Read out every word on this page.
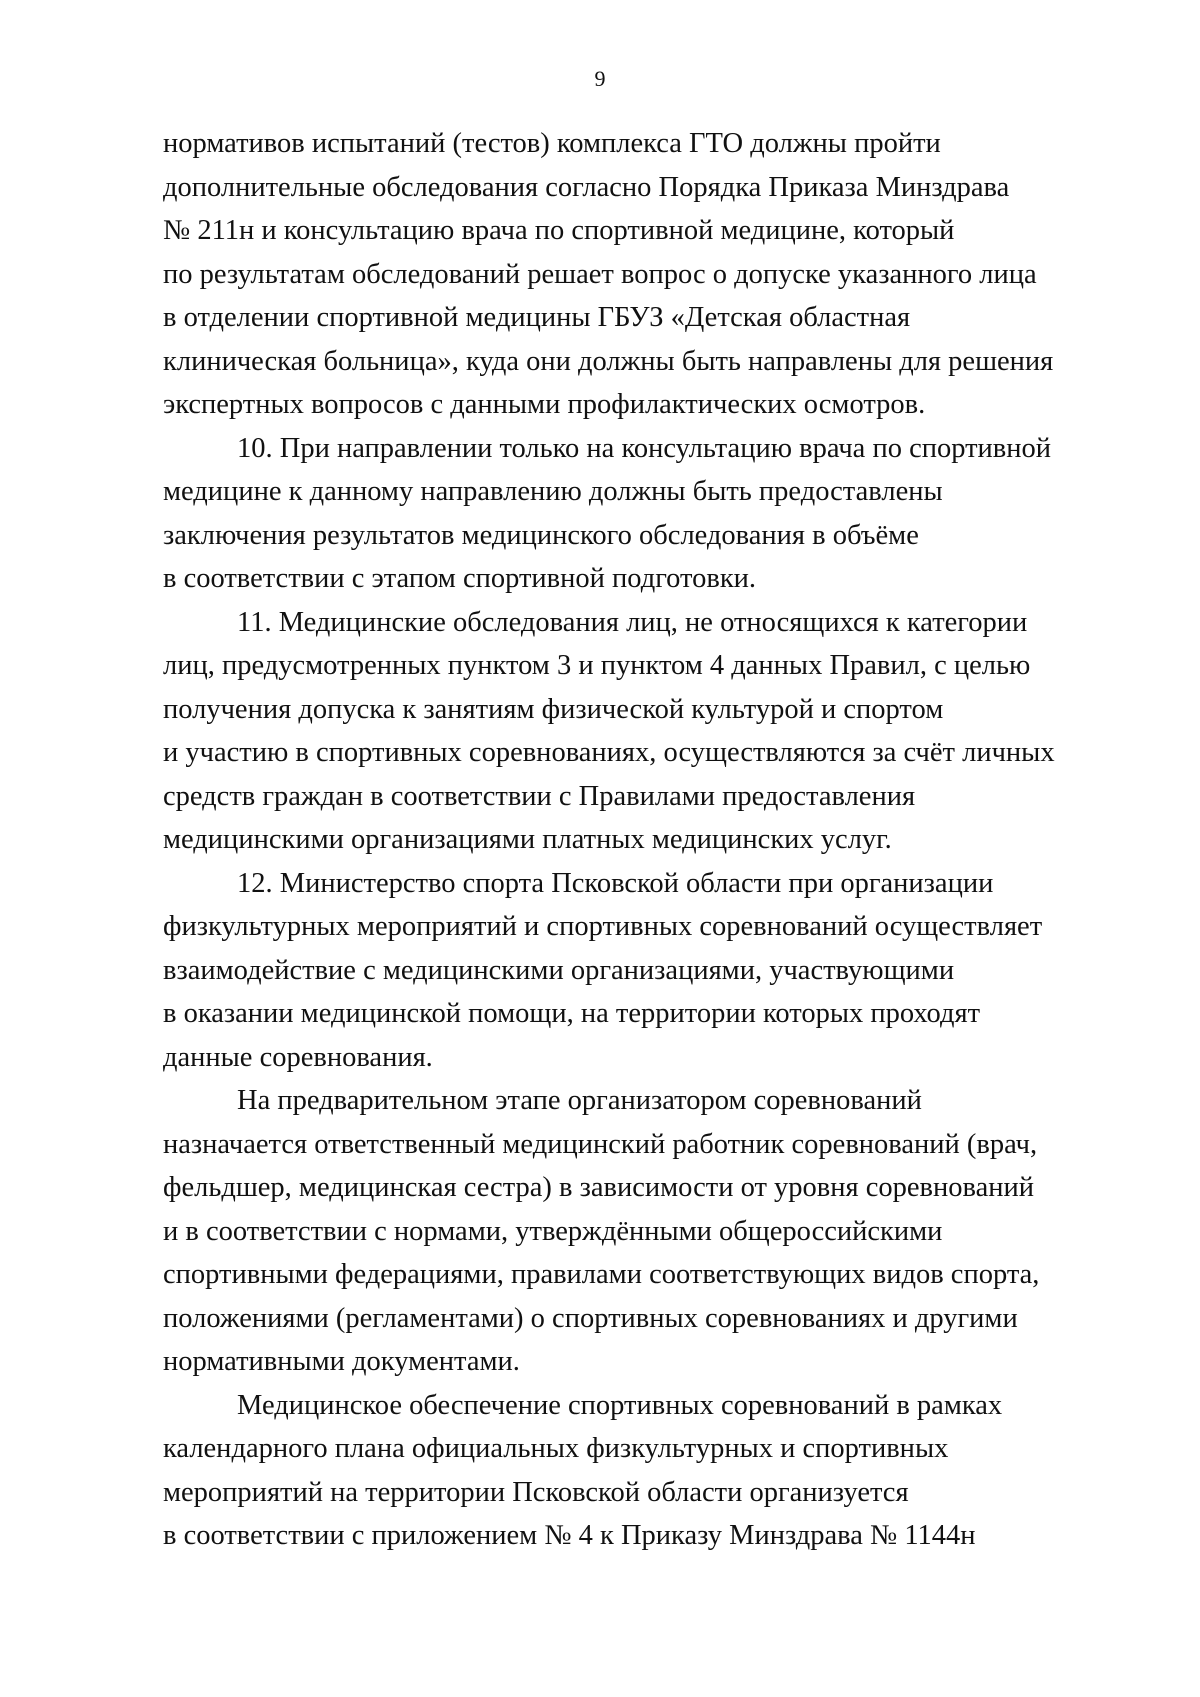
9

нормативов испытаний (тестов) комплекса ГТО должны пройти
дополнительные обследования согласно Порядка Приказа Минздрава
№ 211н и консультацию врача по спортивной медицине, который
по результатам обследований решает вопрос о допуске указанного лица
в отделении спортивной медицины ГБУЗ «Детская областная
клиническая больница», куда они должны быть направлены для решения
экспертных вопросов с данными профилактических осмотров.

10. При направлении только на консультацию врача по спортивной
медицине к данному направлению должны быть предоставлены
заключения результатов медицинского обследования в объёме
в соответствии с этапом спортивной подготовки.

11. Медицинские обследования лиц, не относящихся к категории
лиц, предусмотренных пунктом 3 и пунктом 4 данных Правил, с целью
получения допуска к занятиям физической культурой и спортом
и участию в спортивных соревнованиях, осуществляются за счёт личных
средств граждан в соответствии с Правилами предоставления
медицинскими организациями платных медицинских услуг.

12. Министерство спорта Псковской области при организации
физкультурных мероприятий и спортивных соревнований осуществляет
взаимодействие с медицинскими организациями, участвующими
в оказании медицинской помощи, на территории которых проходят
данные соревнования.

На предварительном этапе организатором соревнований
назначается ответственный медицинский работник соревнований (врач,
фельдшер, медицинская сестра) в зависимости от уровня соревнований
и в соответствии с нормами, утверждёнными общероссийскими
спортивными федерациями, правилами соответствующих видов спорта,
положениями (регламентами) о спортивных соревнованиях и другими
нормативными документами.

Медицинское обеспечение спортивных соревнований в рамках
календарного плана официальных физкультурных и спортивных
мероприятий на территории Псковской области организуется
в соответствии с приложением № 4 к Приказу Минздрава № 1144н
